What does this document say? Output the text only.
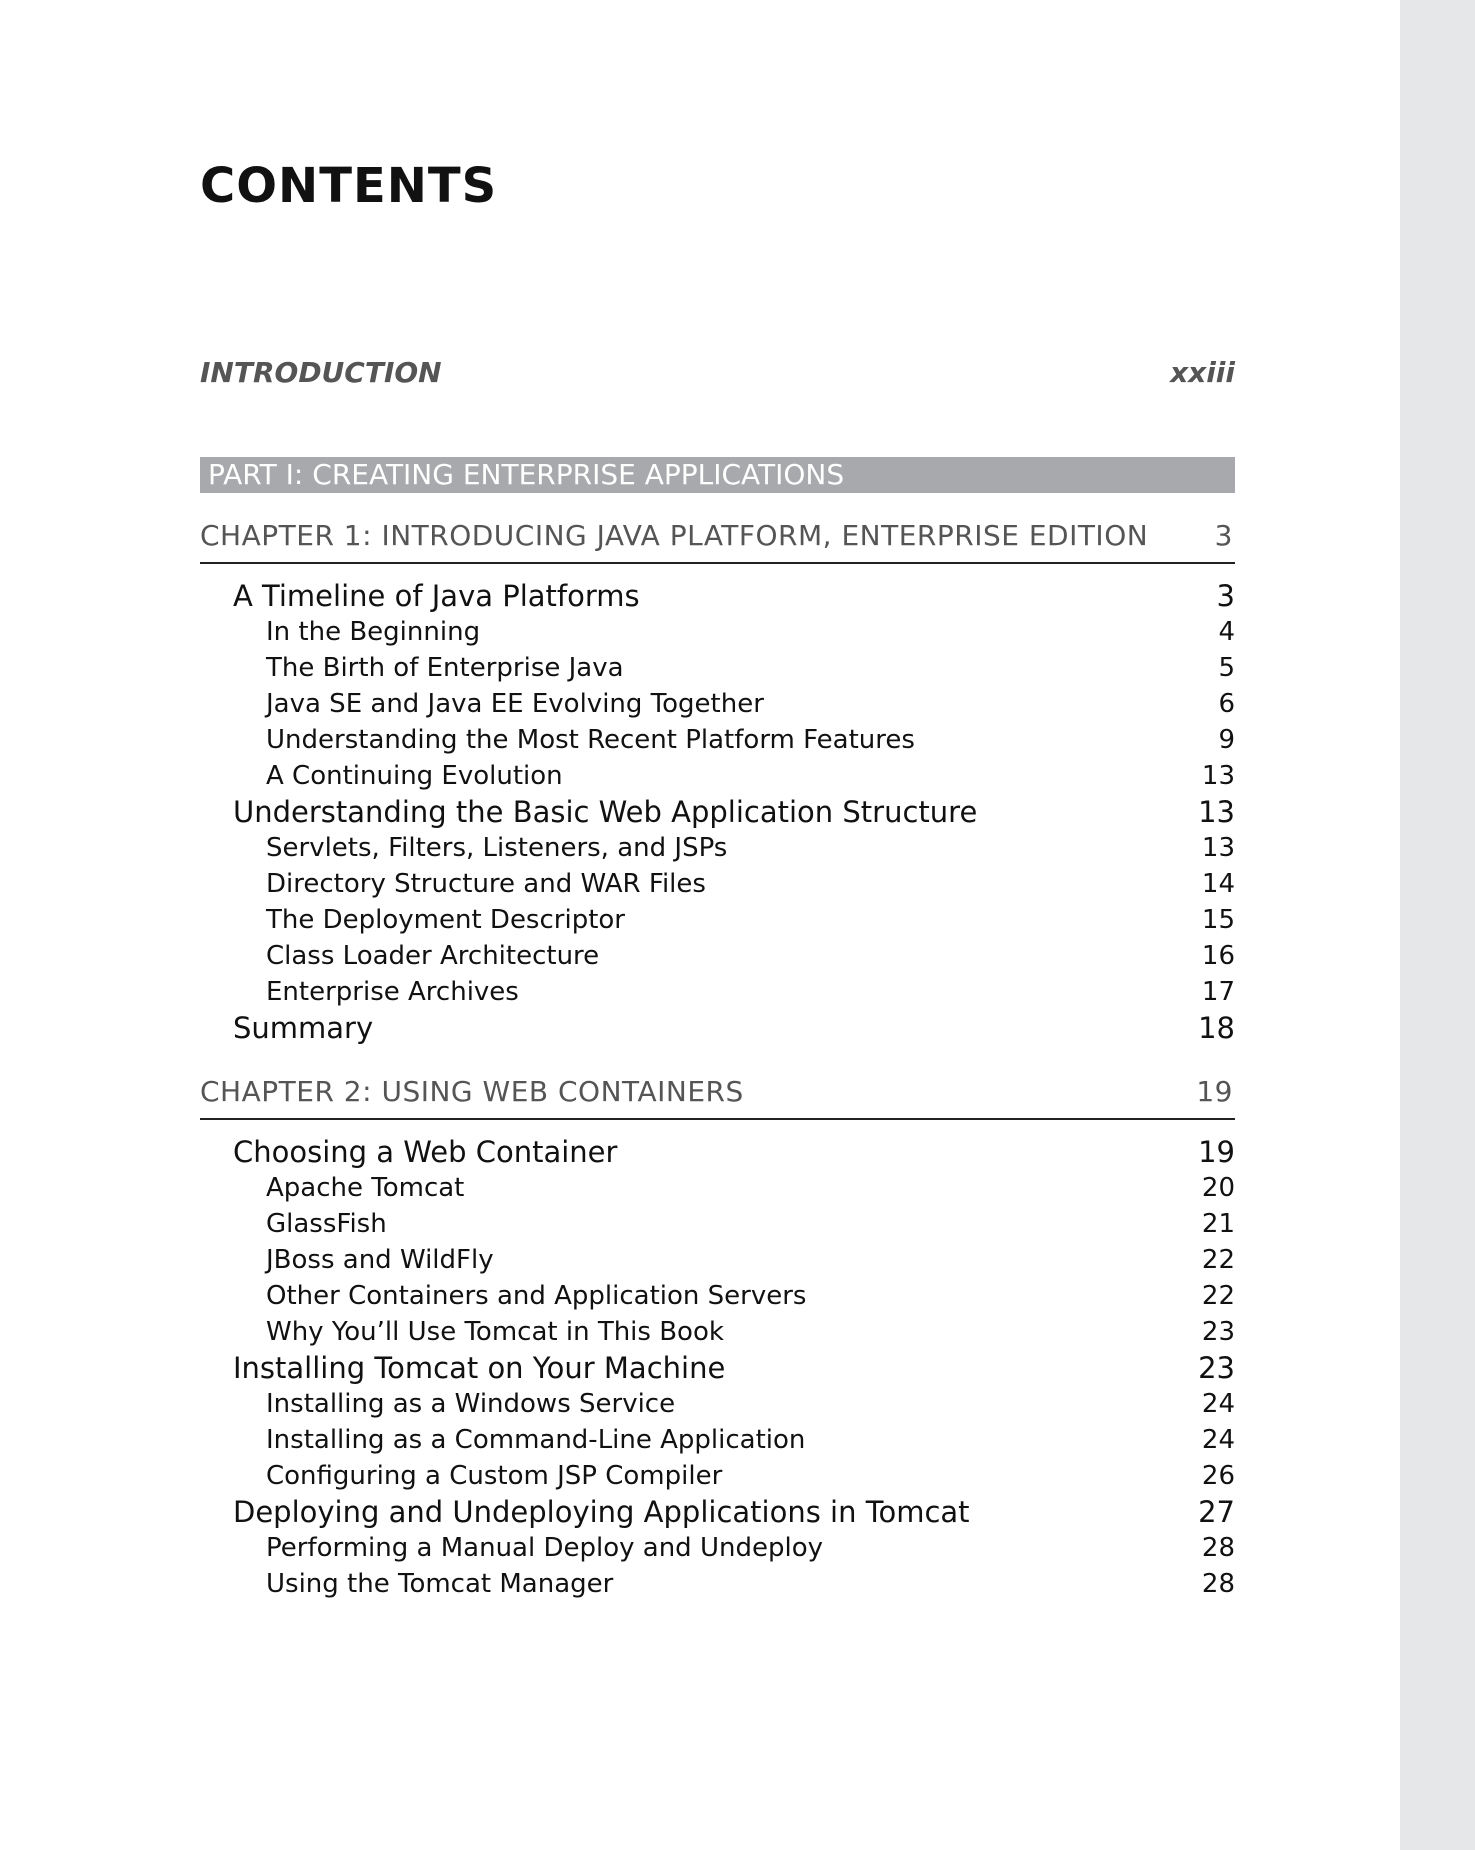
CONTENTS
INTRODUCTION	xxiii
PART I: CREATING ENTERPRISE APPLICATIONS
CHAPTER 1: INTRODUCING JAVA PLATFORM, ENTERPRISE EDITION 3
A Timeline of Java Platforms	3
In the Beginning	4
The Birth of Enterprise Java	5
Java SE and Java EE Evolving Together	6
Understanding the Most Recent Platform Features	9
A Continuing Evolution	13
Understanding the Basic Web Application Structure	13
Servlets, Filters, Listeners, and JSPs	13
Directory Structure and WAR Files	14
The Deployment Descriptor	15
Class Loader Architecture	16
Enterprise Archives	17
Summary	18
CHAPTER 2: USING WEB CONTAINERS	19
Choosing a Web Container	19
Apache Tomcat	20
GlassFish	21
JBoss and WildFly	22
Other Containers and Application Servers	22
Why You’ll Use Tomcat in This Book	23
Installing Tomcat on Your Machine	23
Installing as a Windows Service	24
Installing as a Command-Line Application	24
Configuring a Custom JSP Compiler	26
Deploying and Undeploying Applications in Tomcat	27
Performing a Manual Deploy and Undeploy	28
Using the Tomcat Manager	28
